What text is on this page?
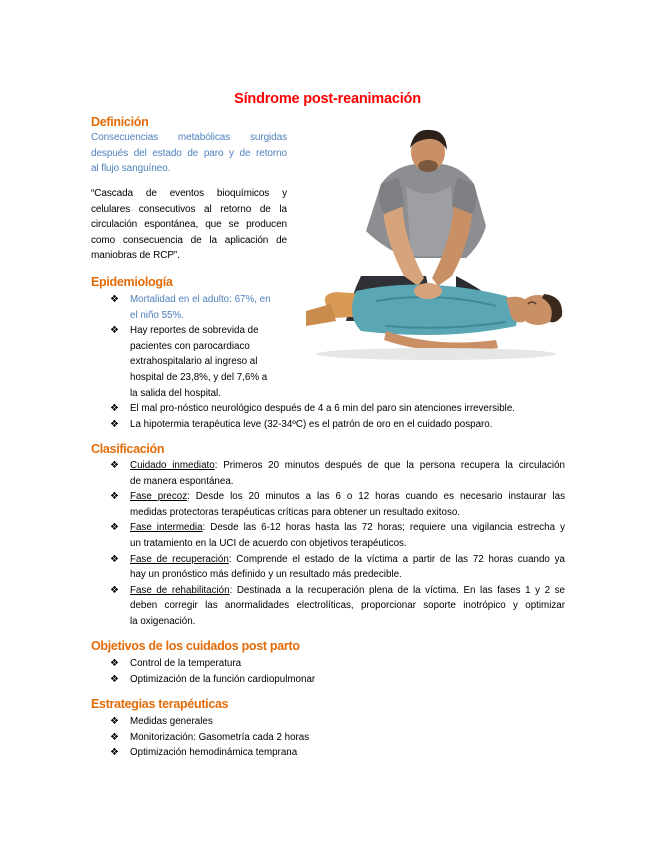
Síndrome post-reanimación
Definición
Consecuencias metabólicas surgidas
después del estado de paro y de retorno
al flujo sanguíneo.
“Cascada de eventos bioquímicos y
celulares consecutivos al retorno de la
circulación espontánea, que se producen
como consecuencia de la aplicación de
maniobras de RCP”.
Epidemiología
❖ Mortalidad en el adulto: 67%, en
el niño 55%.
❖ Hay reportes de sobrevida de
pacientes con parocardiaco
extrahospitalario al ingreso al
hospital de 23,8%, y del 7,6% a
la salida del hospital.
❖ El mal pro-nóstico neurológico después de 4 a 6 min del paro sin atenciones irreversible.
❖ La hipotermia terapéutica leve (32-34ºC) es el patrón de oro en el cuidado posparo.
Clasificación
❖ Cuidado inmediato: Primeros 20 minutos después de que la persona recupera la circulación
de manera espontánea.
❖ Fase precoz: Desde los 20 minutos a las 6 o 12 horas cuando es necesario instaurar las
medidas protectoras terapéuticas críticas para obtener un resultado exitoso.
❖ Fase intermedia: Desde las 6-12 horas hasta las 72 horas; requiere una vigilancia estrecha y
un tratamiento en la UCI de acuerdo con objetivos terapéuticos.
❖ Fase de recuperación: Comprende el estado de la víctima a partir de las 72 horas cuando ya
hay un pronóstico más definido y un resultado más predecible.
❖ Fase de rehabilitación: Destinada a la recuperación plena de la víctima. En las fases 1 y 2 se
deben corregir las anormalidades electrolíticas, proporcionar soporte inotrópico y optimizar
la oxigenación.
Objetivos de los cuidados post parto
❖ Control de la temperatura
❖ Optimización de la función cardiopulmonar
Estrategias terapéuticas
❖ Medidas generales
❖ Monitorización: Gasometría cada 2 horas
❖ Optimización hemodinámica temprana
